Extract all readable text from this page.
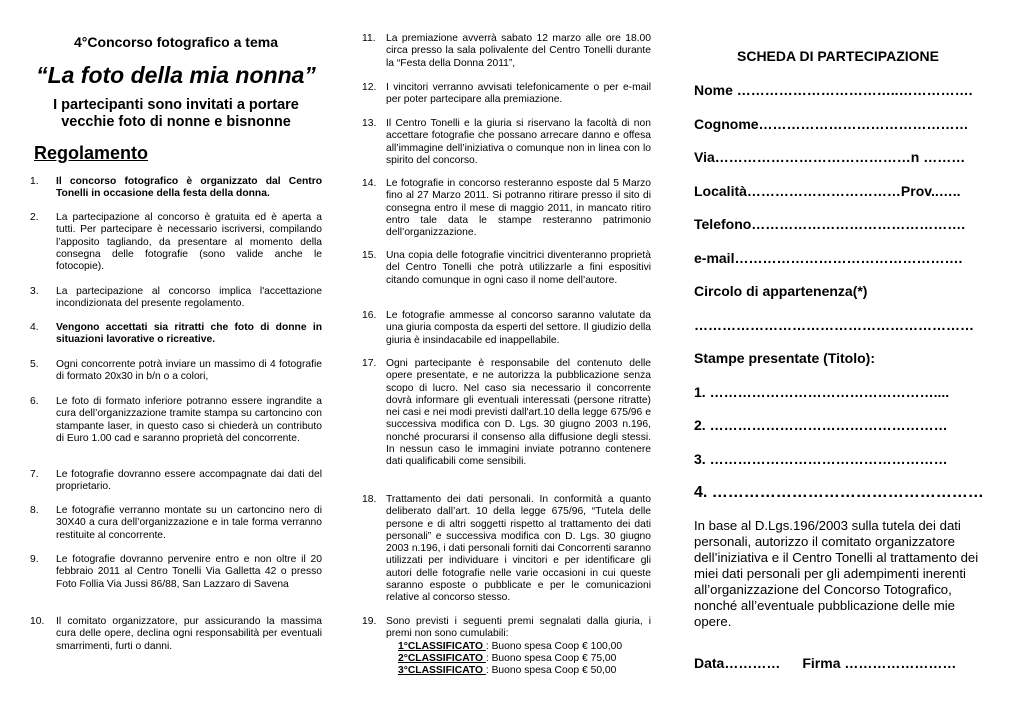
4°Concorso fotografico a tema
“La foto della mia nonna”
I partecipanti sono invitati a portare vecchie foto di nonne e bisnonne
Regolamento
1.	Il concorso fotografico è organizzato dal Centro Tonelli in occasione della festa della donna.
2.	La partecipazione al concorso è gratuita ed è aperta a tutti. Per partecipare è necessario iscriversi, compilando l’apposito tagliando, da presentare al momento della consegna delle fotografie (sono valide anche le fotocopie).
3.	La partecipazione al concorso implica l'accettazione incondizionata del presente regolamento.
4.	Vengono accettati sia ritratti che foto di donne in situazioni lavorative o ricreative.
5.	Ogni concorrente potrà inviare un massimo di 4 fotografie di formato 20x30 in b/n o a colori,
6.	Le foto di formato inferiore potranno essere ingrandite a cura dell’organizzazione tramite stampa su cartoncino con stampante laser, in questo caso si chiederà un contributo di Euro 1.00 cad e saranno proprietà del concorrente.
7.	Le fotografie dovranno essere accompagnate dai dati del proprietario.
8.	Le fotografie verranno montate su un cartoncino nero di 30X40 a cura dell’organizzazione e in tale forma verranno restituite al concorrente.
9.	Le fotografie dovranno pervenire entro e non oltre il 20 febbraio 2011 al Centro Tonelli Via Galletta 42 o presso Foto Follia Via Jussi 86/88, San Lazzaro di Savena
10.	Il comitato organizzatore, pur assicurando la massima cura delle opere, declina ogni responsabilità per eventuali smarrimenti, furti o danni.
11.	La premiazione avverrà sabato 12 marzo alle ore 18.00 circa presso la sala polivalente del Centro Tonelli durante la “Festa della Donna 2011”,
12. I vincitori verranno avvisati telefonicamente o per e-mail per poter partecipare alla premiazione.
13. Il Centro Tonelli e la giuria si riservano la facoltà di non accettare fotografie che possano arrecare danno e offesa all’immagine dell’iniziativa o comunque non in linea con lo spirito del concorso.
14. Le fotografie in concorso resteranno esposte dal 5 Marzo fino al 27 Marzo 2011. Si potranno ritirare presso il sito di consegna entro il mese di maggio 2011, in mancato ritiro entro tale data le stampe resteranno patrimonio dell’organizzazione.
15. Una copia delle fotografie vincitrici diventeranno proprietà del Centro Tonelli che potrà utilizzarle a fini espositivi citando comunque in ogni caso il nome dell’autore.
16. Le fotografie ammesse al concorso saranno valutate da una giuria composta da esperti del settore. Il giudizio della giuria è insindacabile ed inappellabile.
17. Ogni partecipante è responsabile del contenuto delle opere presentate, e ne autorizza la pubblicazione senza scopo di lucro. Nel caso sia necessario il concorrente dovrà informare gli eventuali interessati (persone ritratte) nei casi e nei modi previsti dall'art.10 della legge 675/96 e successiva modifica con D. Lgs. 30 giugno 2003 n.196, nonché procurarsi il consenso alla diffusione degli stessi. In nessun caso le immagini inviate potranno contenere dati qualificabili come sensibili.
18. Trattamento dei dati personali. In conformità a quanto deliberato dall’art. 10 della legge 675/96, “Tutela delle persone e di altri soggetti rispetto al trattamento dei dati personali” e successiva modifica con D. Lgs. 30 giugno 2003 n.196, i dati personali forniti dai Concorrenti saranno utilizzati per individuare i vincitori e per identificare gli autori delle fotografie nelle varie occasioni in cui queste saranno esposte o pubblicate e per le comunicazioni relative al concorso stesso.
19. Sono previsti i seguenti premi segnalati dalla giuria, i premi non sono cumulabili:
1°CLASSIFICATO : Buono spesa Coop € 100,00
2°CLASSIFICATO : Buono spesa Coop € 75,00
3°CLASSIFICATO : Buono spesa Coop € 50,00
SCHEDA DI PARTECIPAZIONE
Nome ……………………………..…………….
Cognome………………………………………
Via……………………………………n ………
Località……………………………Prov..…..
Telefono……………………………………….
e-mail………………………………………….
Circolo di appartenenza(*)
……………………………………………………
Stampe presentate (Titolo):
1. …………………………………………....
2. ……………………………………………
3. ……………………………………………
4. ……………………………………………
In base al D.Lgs.196/2003 sulla tutela dei dati personali, autorizzo il comitato organizzatore dell’iniziativa e il Centro Tonelli al trattamento dei miei dati personali per gli adempimenti inerenti all’organizzazione del Concorso Totografico, nonché all’eventuale pubblicazione delle mie opere.
Data………… Firma ……………………
